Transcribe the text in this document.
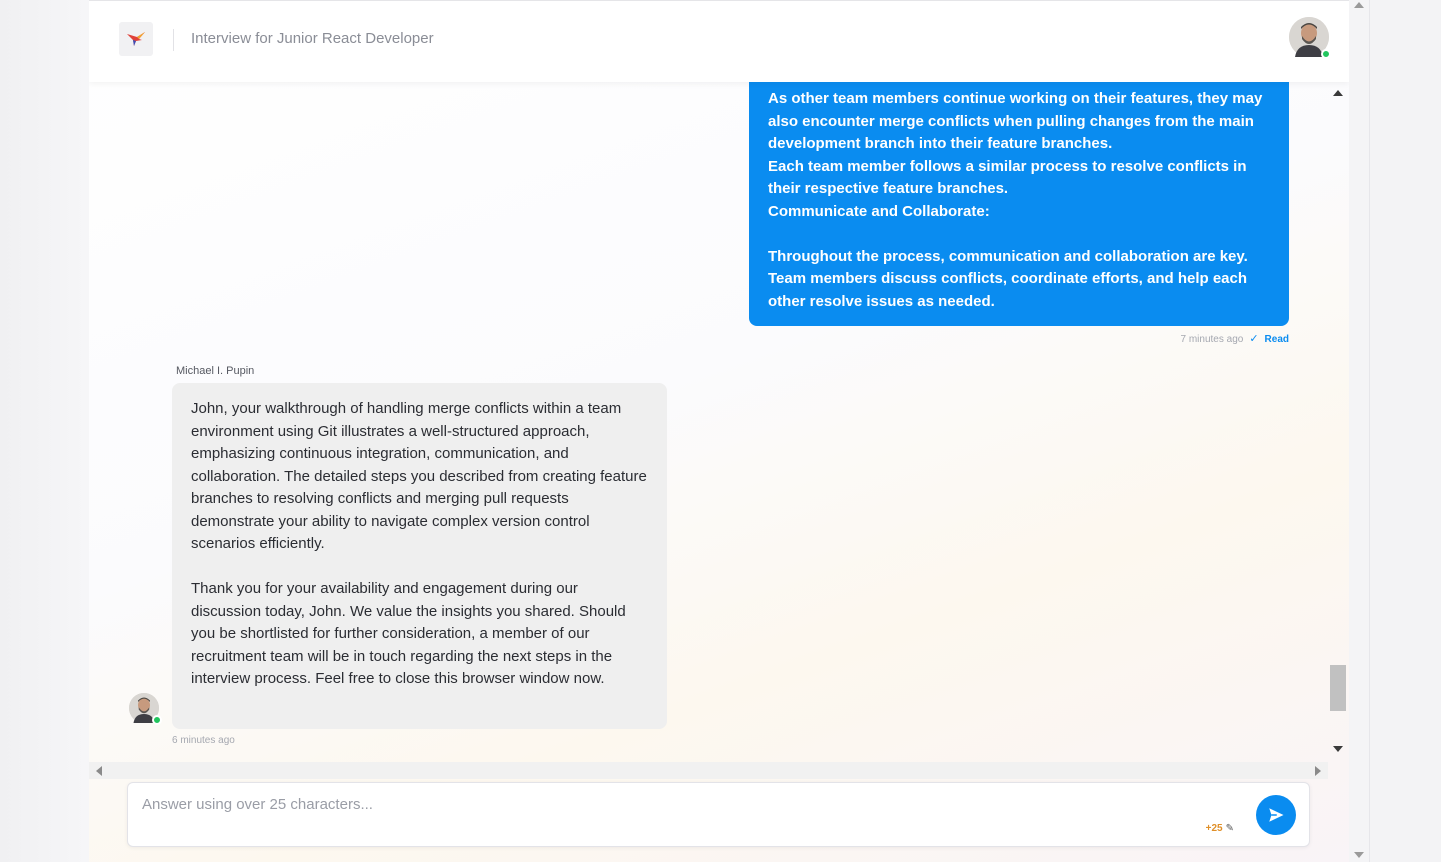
Interview for Junior React Developer

As other team members continue working on their features, they may also encounter merge conflicts when pulling changes from the main development branch into their feature branches.

Each team member follows a similar process to resolve conflicts in their respective feature branches.

Communicate and Collaborate:

Throughout the process, communication and collaboration are key. Team members discuss conflicts, coordinate efforts, and help each other resolve issues as needed.

7 minutes ago ✓ Read
Michael I. Pupin

John, your walkthrough of handling merge conflicts within a team environment using Git illustrates a well-structured approach, emphasizing continuous integration, communication, and collaboration. The detailed steps you described from creating feature branches to resolving conflicts and merging pull requests demonstrate your ability to navigate complex version control scenarios efficiently.

Thank you for your availability and engagement during our discussion today, John. We value the insights you shared. Should you be shortlisted for further consideration, a member of our recruitment team will be in touch regarding the next steps in the interview process. Feel free to close this browser window now.

6 minutes ago
Answer using over 25 characters...
+25 ✎
